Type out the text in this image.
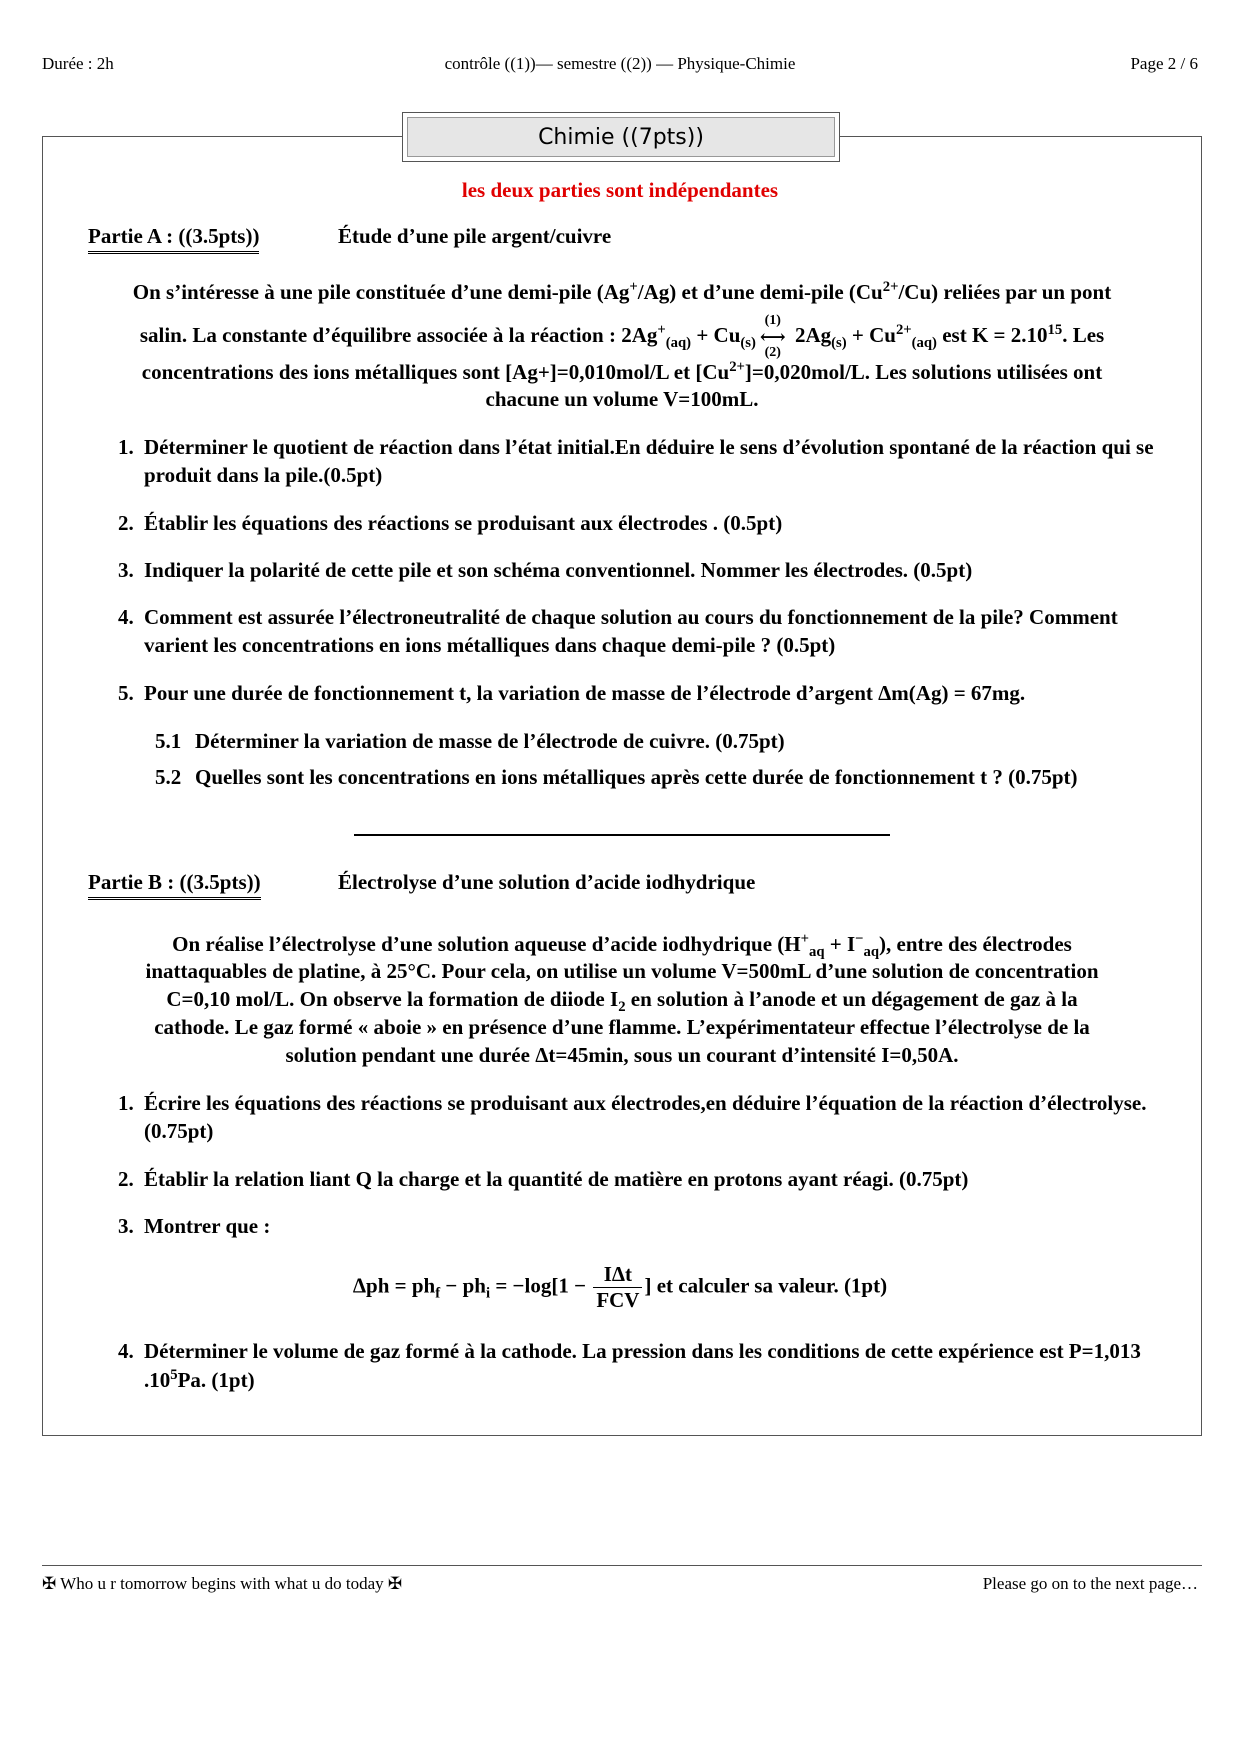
Durée : 2h	contrôle ((1))— semestre ((2)) — Physique-Chimie	Page 2 / 6
Chimie ((7pts))
les deux parties sont indépendantes
Partie A : ((3.5pts))	Étude d’une pile argent/cuivre
On s’intéresse à une pile constituée d’une demi-pile (Ag+/Ag) et d’une demi-pile $(Cu^{2+}/Cu)$ reliées par un pont
salin. La constante d’équilibre associée à la réaction : $2Ag^+_{(aq)} + Cu_{(s)}$
(1)
⟷
(2)
$2Ag_{(s)} + Cu^{2+}_{(aq)}$ est $K = 2.10^{15}$. Les
concentrations des ions métalliques sont [Ag+]=0,010mol/L et $[Cu^{2+}]=0,020mol/L$. Les solutions utilisées ont
chacune un volume V=100mL.
1. Déterminer le quotient de réaction dans l’état initial.En déduire le sens d’évolution spontané de la réaction qui se produit dans la pile.(0.5pt)
2. Établir les équations des réactions se produisant aux électrodes . (0.5pt)
3. Indiquer la polarité de cette pile et son schéma conventionnel. Nommer les électrodes. (0.5pt)
4. Comment est assurée l’électroneutralité de chaque solution au cours du fonctionnement de la pile? Comment varient les concentrations en ions métalliques dans chaque demi-pile ? (0.5pt)
5. Pour une durée de fonctionnement t, la variation de masse de l’électrode d’argent Δm(Ag) = 67mg.
5.1 Déterminer la variation de masse de l’électrode de cuivre. (0.75pt)
5.2 Quelles sont les concentrations en ions métalliques après cette durée de fonctionnement t ? (0.75pt)
Partie B : ((3.5pts))	Électrolyse d’une solution d’acide iodhydrique
On réalise l’électrolyse d’une solution aqueuse d’acide iodhydrique $(H^+_{aq} + I^-_{aq})$, entre des électrodes
inattaquables de platine, à 25°C. Pour cela, on utilise un volume V=500mL d’une solution de concentration
C=0,10 mol/L. On observe la formation de diiode $I_2$ en solution à l’anode et un dégagement de gaz à la
cathode. Le gaz formé « aboie » en présence d’une flamme. L’expérimentateur effectue l’électrolyse de la
solution pendant une durée Δt=45min, sous un courant d’intensité I=0,50A.
1. Écrire les équations des réactions se produisant aux électrodes,en déduire l’équation de la réaction d’électrolyse. (0.75pt)
2. Établir la relation liant Q la charge et la quantité de matière en protons ayant réagi. (0.75pt)
3. Montrer que :
$\Delta ph = ph_f - ph_i = -\log[1 - \frac{\text{IΔt}}{\text{FCV}}$ ] et calculer sa valeur. (1pt)
4. Déterminer le volume de gaz formé à la cathode. La pression dans les conditions de cette expérience est P=1,013 $.10^5Pa$. (1pt)
✠ Who u r tomorrow begins with what u do today ✠	Please go on to the next page…
